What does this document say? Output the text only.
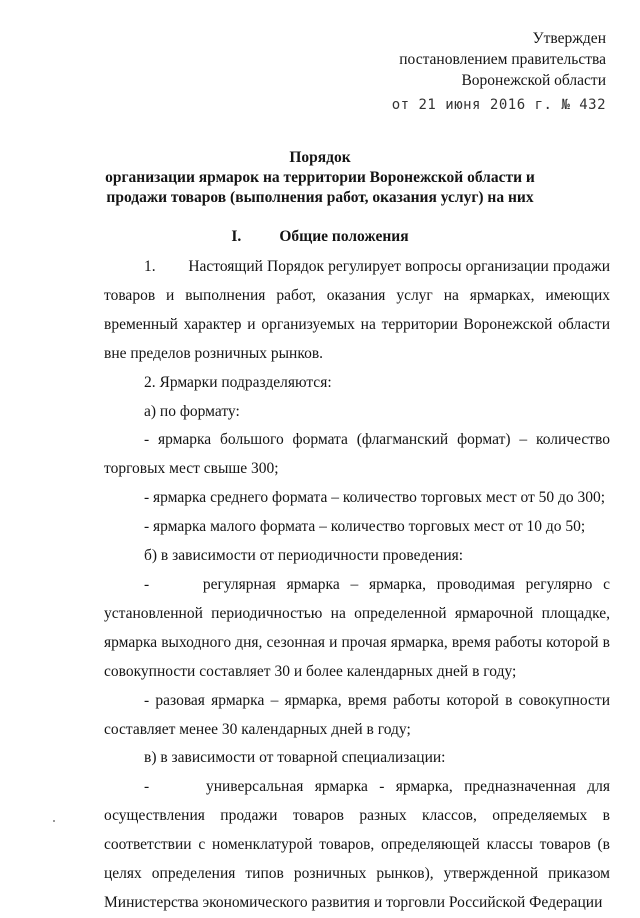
Утвержден
постановлением правительства
Воронежской области
от 21 июня 2016 г. № 432
Порядок
организации ярмарок на территории Воронежской области и
продажи товаров (выполнения работ, оказания услуг) на них
I. Общие положения

1.        Настоящий Порядок регулирует вопросы организации продажи товаров и выполнения работ, оказания услуг на ярмарках, имеющих временный характер и организуемых на территории Воронежской области вне пределов розничных рынков.

2. Ярмарки подразделяются:

а) по формату:

- ярмарка большого формата (флагманский формат) – количество торговых мест свыше 300;

- ярмарка среднего формата – количество торговых мест от 50 до 300;

- ярмарка малого формата – количество торговых мест от 10 до 50;

б) в зависимости от периодичности проведения:

-     регулярная ярмарка – ярмарка, проводимая регулярно с установленной периодичностью на определенной ярмарочной площадке, ярмарка выходного дня, сезонная и прочая ярмарка, время работы которой в совокупности составляет 30 и более календарных дней в году;

- разовая ярмарка – ярмарка, время работы которой в совокупности составляет менее 30 календарных дней в году;

в) в зависимости от товарной специализации:

-     универсальная ярмарка - ярмарка, предназначенная для осуществления продажи товаров разных классов, определяемых в соответствии с номенклатурой товаров, определяющей классы товаров (в целях определения типов розничных рынков), утвержденной приказом Министерства экономического развития и торговли Российской Федерации
